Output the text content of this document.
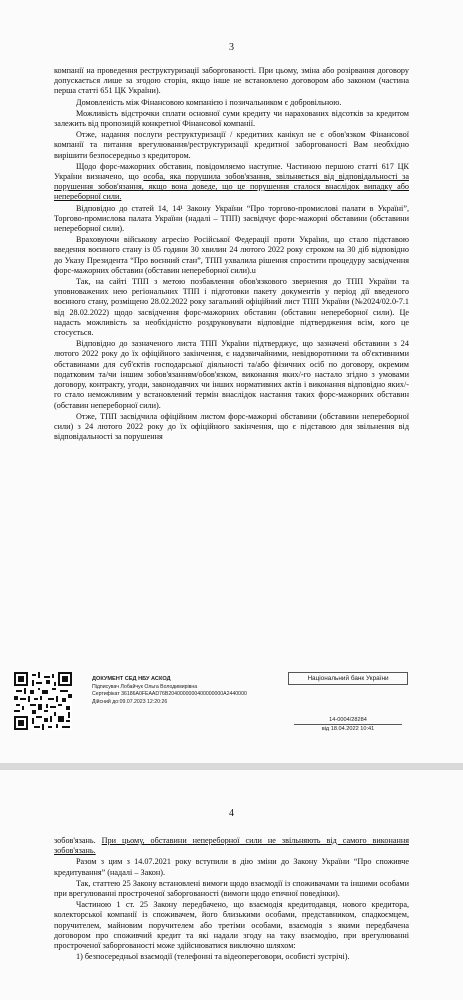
3

компанії на проведення реструктуризації заборгованості. При цьому, зміна або розірвання договору допускається лише за згодою сторін, якщо інше не встановлено договором або законом (частина перша статті 651 ЦК України).

Домовленість між Фінансовою компанією і позичальником є добровільною.

Можливість відстрочки сплати основної суми кредиту чи нарахованих відсотків за кредитом залежить від пропозицій конкретної Фінансової компанії.

Отже, надання послуги реструктуризації / кредитних канікул не є обов'язком Фінансової компанії та питання врегулювання/реструктуризації кредитної заборгованості Вам необхідно вирішити безпосередньо з кредитором.

Щодо форс-мажорних обставин, повідомляємо наступне. Частиною першою статті 617 ЦК України визначено, що особа, яка порушила зобов'язання, звільняється від відповідальності за порушення зобов'язання, якщо вона доведе, що це порушення сталося внаслідок випадку або непереборної сили.

Відповідно до статей 14, 14¹ Закону України “Про торгово-промислові палати в Україні”, Торгово-промислова палата України (надалі – ТПП) засвідчує форс-мажорні обставини (обставини непереборної сили).

Враховуючи військову агресію Російської Федерації проти України, що стало підставою введення воєнного стану із 05 години 30 хвилин 24 лютого 2022 року строком на 30 діб відповідно до Указу Президента “Про воєнний стан”, ТПП ухвалила рішення спростити процедуру засвідчення форс-мажорних обставин (обставин непереборної сили).u

Так, на сайті ТПП з метою позбавлення обов'язкового звернення до ТПП України та уповноважених нею регіональних ТПП і підготовки пакету документів у період дії введеного воєнного стану, розміщено 28.02.2022 року загальний офіційний лист ТПП України (№2024/02.0-7.1 від 28.02.2022) щодо засвідчення форс-мажорних обставин (обставин непереборної сили). Це надасть можливість за необхідністю роздруковувати відповідне підтвердження всім, кого це стосується.

Відповідно до зазначеного листа ТПП України підтверджує, що зазначені обставини з 24 лютого 2022 року до їх офіційного закінчення, є надзвичайними, невідворотними та об'єктивними обставинами для суб'єктів господарської діяльності та/або фізичних осіб по договору, окремим податковим та/чи іншим зобов'язанням/обов'язком, виконання яких/-го настало згідно з умовами договору, контракту, угоди, законодавчих чи інших нормативних актів і виконання відповідно яких/-го стало неможливим у встановлений термін внаслідок настання таких форс-мажорних обставин (обставин непереборної сили).

Отже, ТПП засвідчила офіційним листом форс-мажорні обставини (обставини непереборної сили) з 24 лютого 2022 року до їх офіційного закінчення, що є підставою для звільнення від відповідальності за порушення

ДОКУМЕНТ СЕД НБУ АСКОД
Підписувач Лобайчук Ольга Володимирівна
Сертифікат 36186A0FEAAD76B2040000000400000000A2440000
Дійсний до:09.07.2023 12:20:26
Національний банк України
14-0004/28284
від 18.04.2022 10:41
4

зобов'язань. При цьому, обставини непереборної сили не звільняють від самого виконання зобов'язань.

Разом з цим з 14.07.2021 року вступили в дію зміни до Закону України “Про споживче кредитування” (надалі – Закон).

Так, статтею 25 Закону встановлені вимоги щодо взаємодії із споживачами та іншими особами при врегулюванні простроченої заборгованості (вимоги щодо етичної поведінки).

Частиною 1 ст. 25 Закону передбачено, що взаємодія кредитодавця, нового кредитора, колекторської компанії із споживачем, його близькими особами, представником, спадкоємцем, поручителем, майновим поручителем або третіми особами, взаємодія з якими передбачена договором про споживчий кредит та які надали згоду на таку взаємодію, при врегулюванні простроченої заборгованості може здійснюватися виключно шляхом:

1) безпосередньої взаємодії (телефонні та відеопереговори, особисті зустрічі).
